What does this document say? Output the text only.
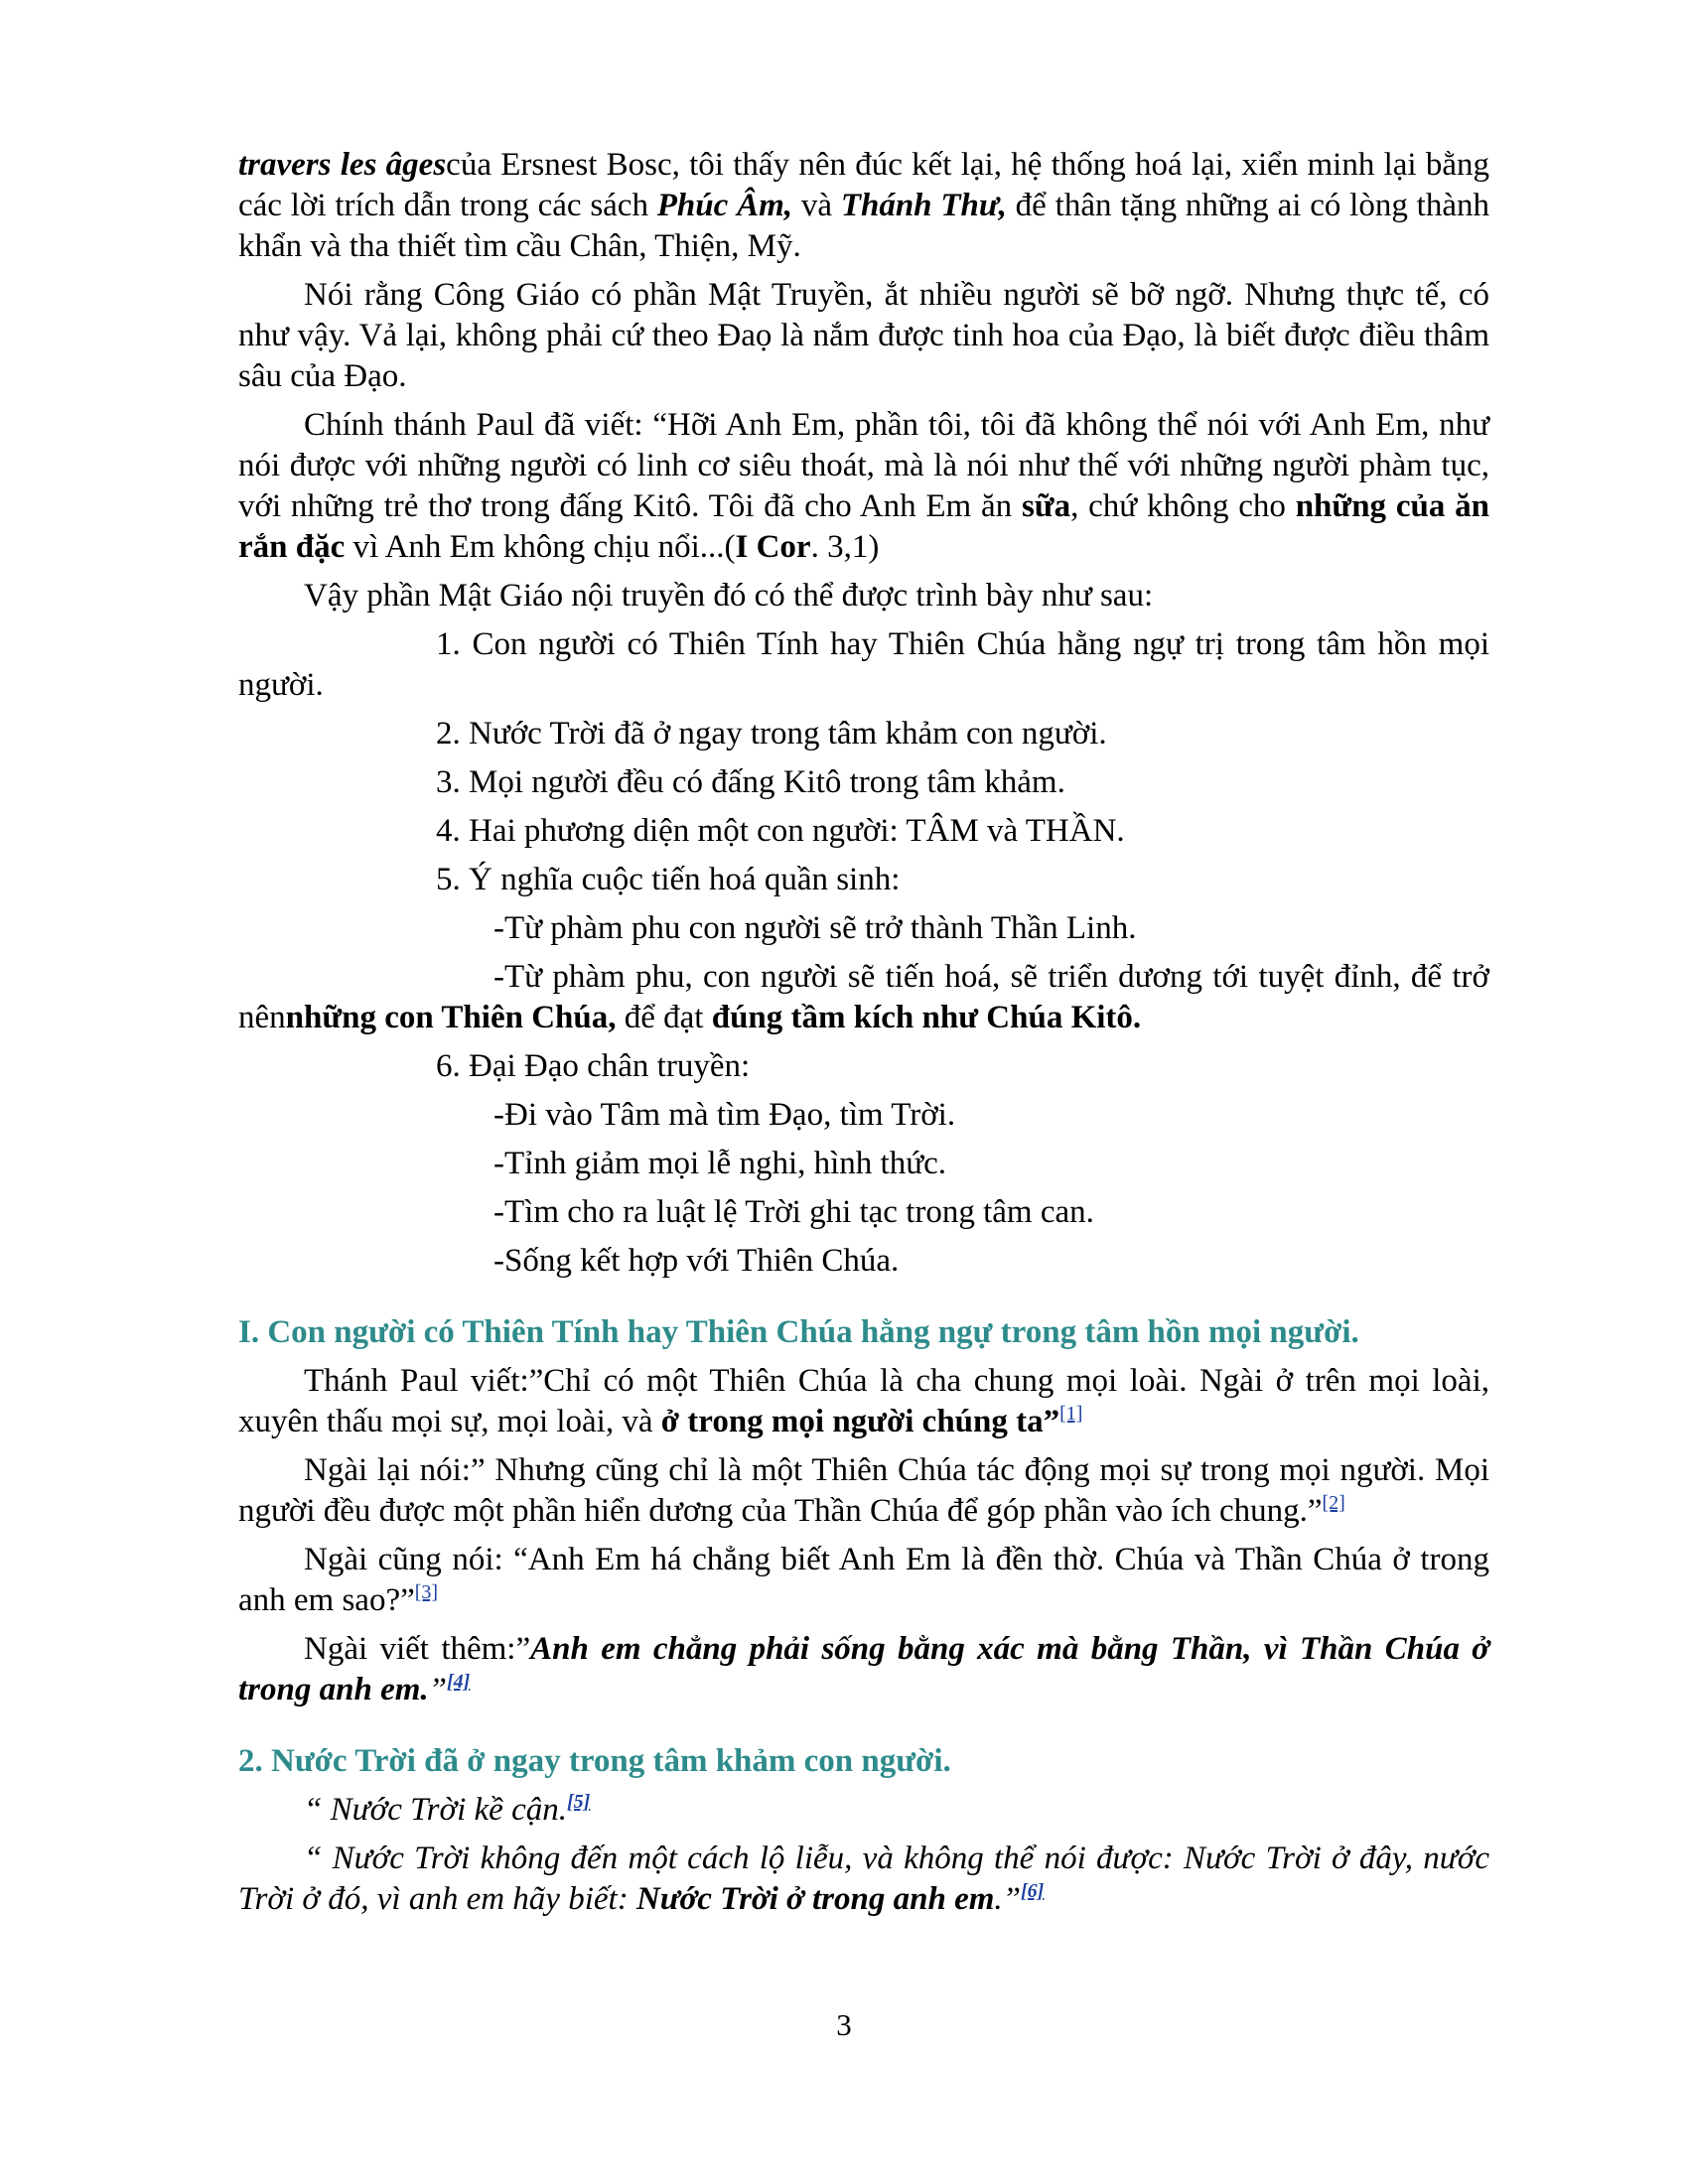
travers les âgescủa Ersnest Bosc, tôi thấy nên đúc kết lại, hệ thống hoá lại, xiển minh lại bằng các lời trích dẫn trong các sách Phúc Âm, và Thánh Thư, để thân tặng những ai có lòng thành khẩn và tha thiết tìm cầu Chân, Thiện, Mỹ.

Nói rằng Công Giáo có phần Mật Truyền, ắt nhiều người sẽ bỡ ngỡ. Nhưng thực tế, có như vậy. Vả lại, không phải cứ theo Đaọ là nắm được tinh hoa của Đạo, là biết được điều thâm sâu của Đạo.

Chính thánh Paul đã viết: “Hỡi Anh Em, phần tôi, tôi đã không thể nói với Anh Em, như nói được với những người có linh cơ siêu thoát, mà là nói như thế với những người phàm tục, với những trẻ thơ trong đấng Kitô. Tôi đã cho Anh Em ăn sữa, chứ không cho những của ăn rắn đặc vì Anh Em không chịu nổi...(I Cor. 3,1)

Vậy phần Mật Giáo nội truyền đó có thể được trình bày như sau:

1. Con người có Thiên Tính hay Thiên Chúa hằng ngự trị trong tâm hồn mọi người.

2. Nước Trời đã ở ngay trong tâm khảm con người.

3. Mọi người đều có đấng Kitô trong tâm khảm.

4. Hai phương diện một con người: TÂM và THẦN.

5. Ý nghĩa cuộc tiến hoá quần sinh:

-Từ phàm phu con người sẽ trở thành Thần Linh.

-Từ phàm phu, con người sẽ tiến hoá, sẽ triển dương tới tuyệt đỉnh, để trở nênnhững con Thiên Chúa, để đạt đúng tầm kích như Chúa Kitô.

6. Đại Đạo chân truyền:

-Đi vào Tâm mà tìm Đạo, tìm Trời.

-Tỉnh giảm mọi lễ nghi, hình thức.

-Tìm cho ra luật lệ Trời ghi tạc trong tâm can.

-Sống kết hợp với Thiên Chúa.

I. Con người có Thiên Tính hay Thiên Chúa hằng ngự trong tâm hồn mọi người.

Thánh Paul viết:”Chỉ có một Thiên Chúa là cha chung mọi loài. Ngài ở trên mọi loài, xuyên thấu mọi sự, mọi loài, và ở trong mọi người chúng ta”[1]

Ngài lại nói:” Nhưng cũng chỉ là một Thiên Chúa tác động mọi sự trong mọi người. Mọi người đều được một phần hiển dương của Thần Chúa để góp phần vào ích chung.”[2]

Ngài cũng nói: “Anh Em há chẳng biết Anh Em là đền thờ. Chúa và Thần Chúa ở trong anh em sao?”[3]

Ngài viết thêm:”Anh em chẳng phải sống bằng xác mà bằng Thần, vì Thần Chúa ở trong anh em.”[4]

2. Nước Trời đã ở ngay trong tâm khảm con người.

“ Nước Trời kề cận.[5]

“ Nước Trời không đến một cách lộ liễu, và không thể nói được: Nước Trời ở đây, nước Trời ở đó, vì anh em hãy biết: Nước Trời ở trong anh em.”[6]

3
